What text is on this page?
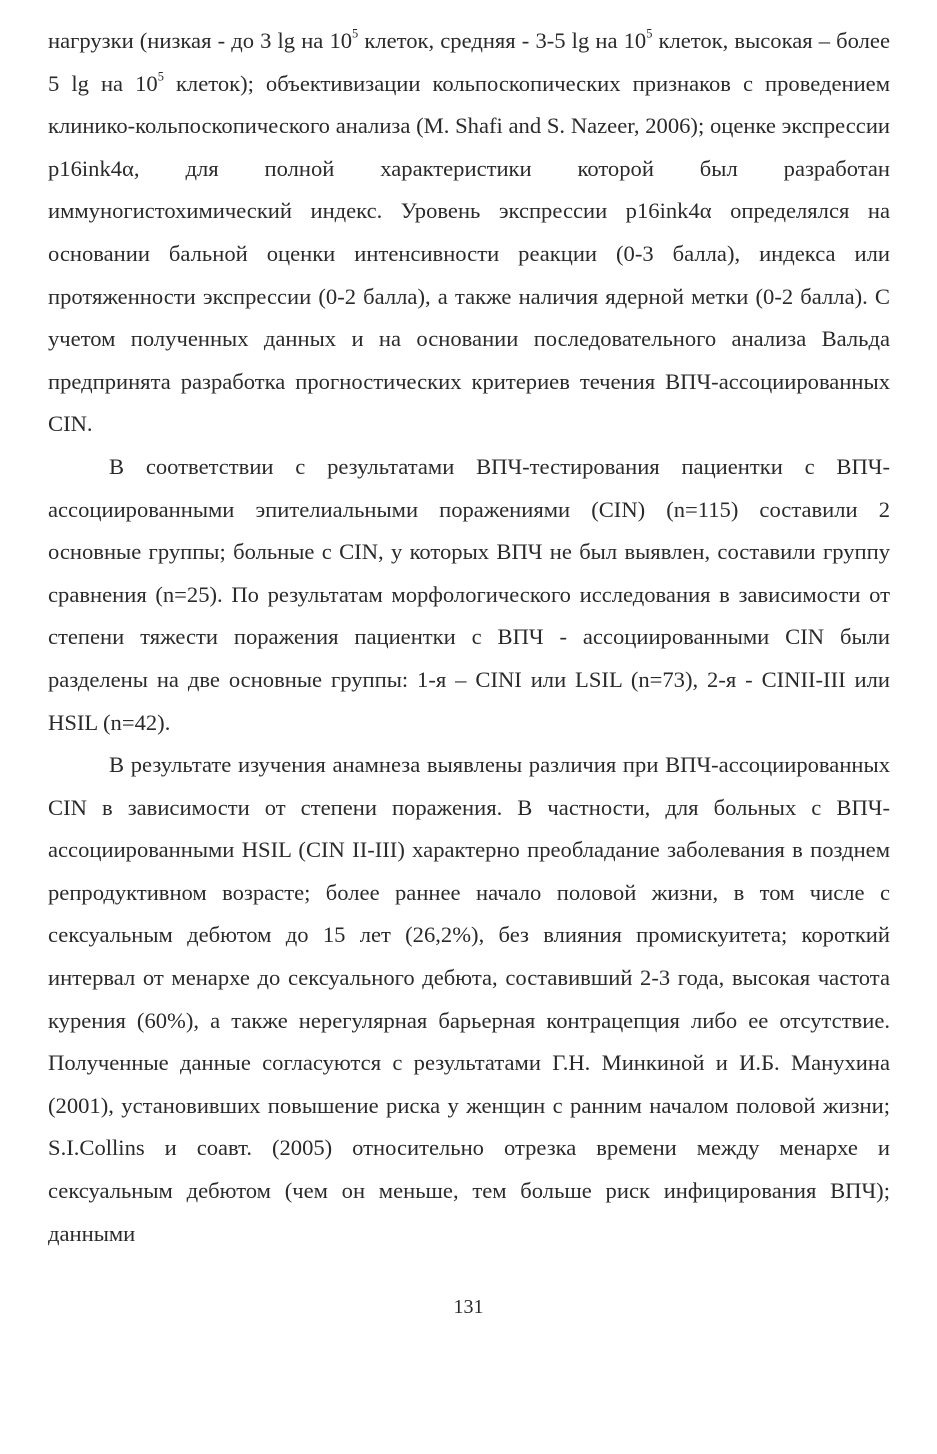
нагрузки (низкая - до 3 lg на $10^5$ клеток, средняя - 3-5 lg на $10^5$ клеток, высокая – более 5 lg на $10^5$ клеток); объективизации кольпоскопических признаков с проведением клинико-кольпоскопического анализа (M. Shafi and S. Nazeer, 2006); оценке экспрессии p16ink4α, для полной характеристики которой был разработан иммуногистохимический индекс. Уровень экспрессии p16ink4α определялся на основании бальной оценки интенсивности реакции (0-3 балла), индекса или протяженности экспрессии (0-2 балла), а также наличия ядерной метки (0-2 балла). С учетом полученных данных и на основании последовательного анализа Вальда предпринята разработка прогностических критериев течения ВПЧ-ассоциированных CIN.

В соответствии с результатами ВПЧ-тестирования пациентки с ВПЧ-ассоциированными эпителиальными поражениями (CIN) (n=115) составили 2 основные группы; больные с CIN, у которых ВПЧ не был выявлен, составили группу сравнения (n=25). По результатам морфологического исследования в зависимости от степени тяжести поражения пациентки с ВПЧ - ассоциированными CIN были разделены на две основные группы: 1-я – CINI или LSIL (n=73), 2-я - CINII-III или HSIL (n=42).

В результате изучения анамнеза выявлены различия при ВПЧ-ассоциированных CIN в зависимости от степени поражения. В частности, для больных с ВПЧ-ассоциированными HSIL (CIN II-III) характерно преобладание заболевания в позднем репродуктивном возрасте; более раннее начало половой жизни, в том числе с сексуальным дебютом до 15 лет (26,2%), без влияния промискуитета; короткий интервал от менархе до сексуального дебюта, составивший 2-3 года, высокая частота курения (60%), а также нерегулярная барьерная контрацепция либо ее отсутствие. Полученные данные согласуются с результатами Г.Н. Минкиной и И.Б. Манухина (2001), установивших повышение риска у женщин с ранним началом половой жизни; S.I.Collins и соавт. (2005) относительно отрезка времени между менархе и сексуальным дебютом (чем он меньше, тем больше риск инфицирования ВПЧ); данными

131
